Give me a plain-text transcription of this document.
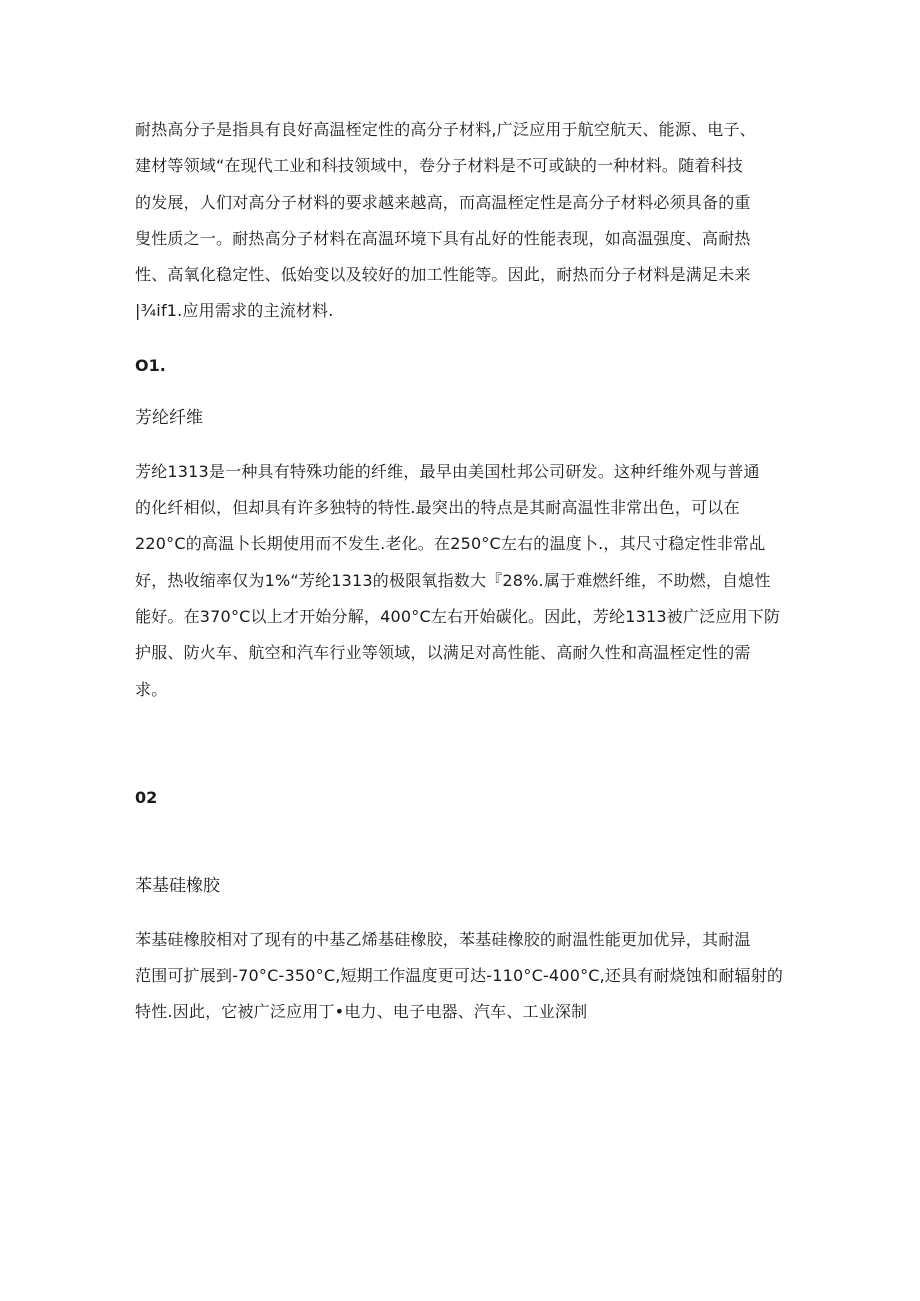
耐热高分子是指具有良好高温桎定性的高分子材料,广泛应用于航空航天、能源、电子、
建材等领域“在现代工业和科技领域中，卷分子材料是不可或缺的一种材料。随着科技
的发展，人们对高分子材料的要求越来越高，而高温桎定性是高分子材料必须具备的重
叟性质之一。耐热高分子材料在高温环境下具有乩好的性能表现，如高温强度、高耐热
性、高氧化稳定性、低始变以及较好的加工性能等。因此，耐热而分子材料是满足未来
|¾if1.应用需求的主流材料.

O1.

芳纶纤维

芳纶1313是一种具有特殊功能的纤维，最早由美国杜邦公司研发。这种纤维外观与普通
的化纤相似，但却具有许多独特的特性.最突出的特点是其耐高温性非常出色，可以在
220°C的高温卜长期使用而不发生.老化。在250°C左右的温度卜.，其尺寸稳定性非常乩
好，热收缩率仅为1%“芳纶1313的极限氧指数大『28%.属于难燃纤维，不助燃，自熄性
能好。在370°C以上才开始分解，400°C左右开始碳化。因此，芳纶1313被广泛应用下防
护服、防火车、航空和汽车行业等领域，以满足对高性能、高耐久性和高温桎定性的需
求。

02

苯基硅橡胶

苯基硅橡胶相对了现有的中基乙烯基硅橡胶，苯基硅橡胶的耐温性能更加优异，其耐温
范围可扩展到-70°C-350°C,短期工作温度更可达-110°C-400°C,还具有耐烧蚀和耐辐射的
特性.因此，它被广泛应用丁•电力、电子电器、汽车、工业深制
